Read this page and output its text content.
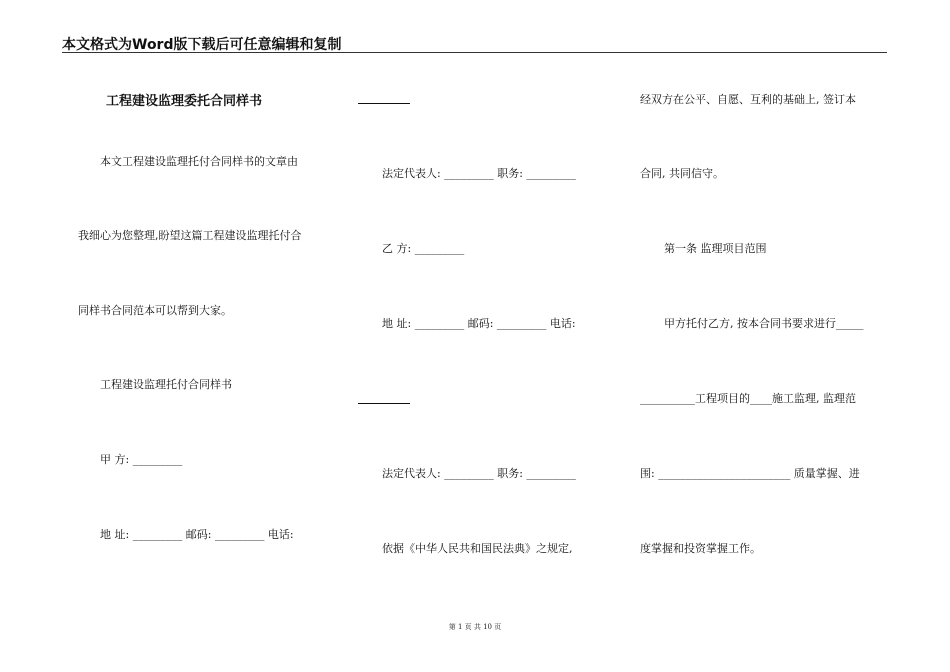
本文格式为Word版下载后可任意编辑和复制
工程建设监理委托合同样书
本文工程建设监理托付合同样书的文章由
我细心为您整理,盼望这篇工程建设监理托付合
同样书合同范本可以帮到大家。
工程建设监理托付合同样书
甲 方: _________
地 址: _________ 邮码: _________ 电话:
法定代表人: _________ 职务: _________
乙 方: _________
地 址: _________ 邮码: _________ 电话:
法定代表人: _________ 职务: _________
依据《中华人民共和国民法典》之规定,
经双方在公平、自愿、互利的基础上, 签订本
合同, 共同信守。
第一条 监理项目范围
甲方托付乙方, 按本合同书要求进行_____
__________工程项目的____施工监理, 监理范
围: ________________________ 质量掌握、进
度掌握和投资掌握工作。
第 1 页 共 10 页
